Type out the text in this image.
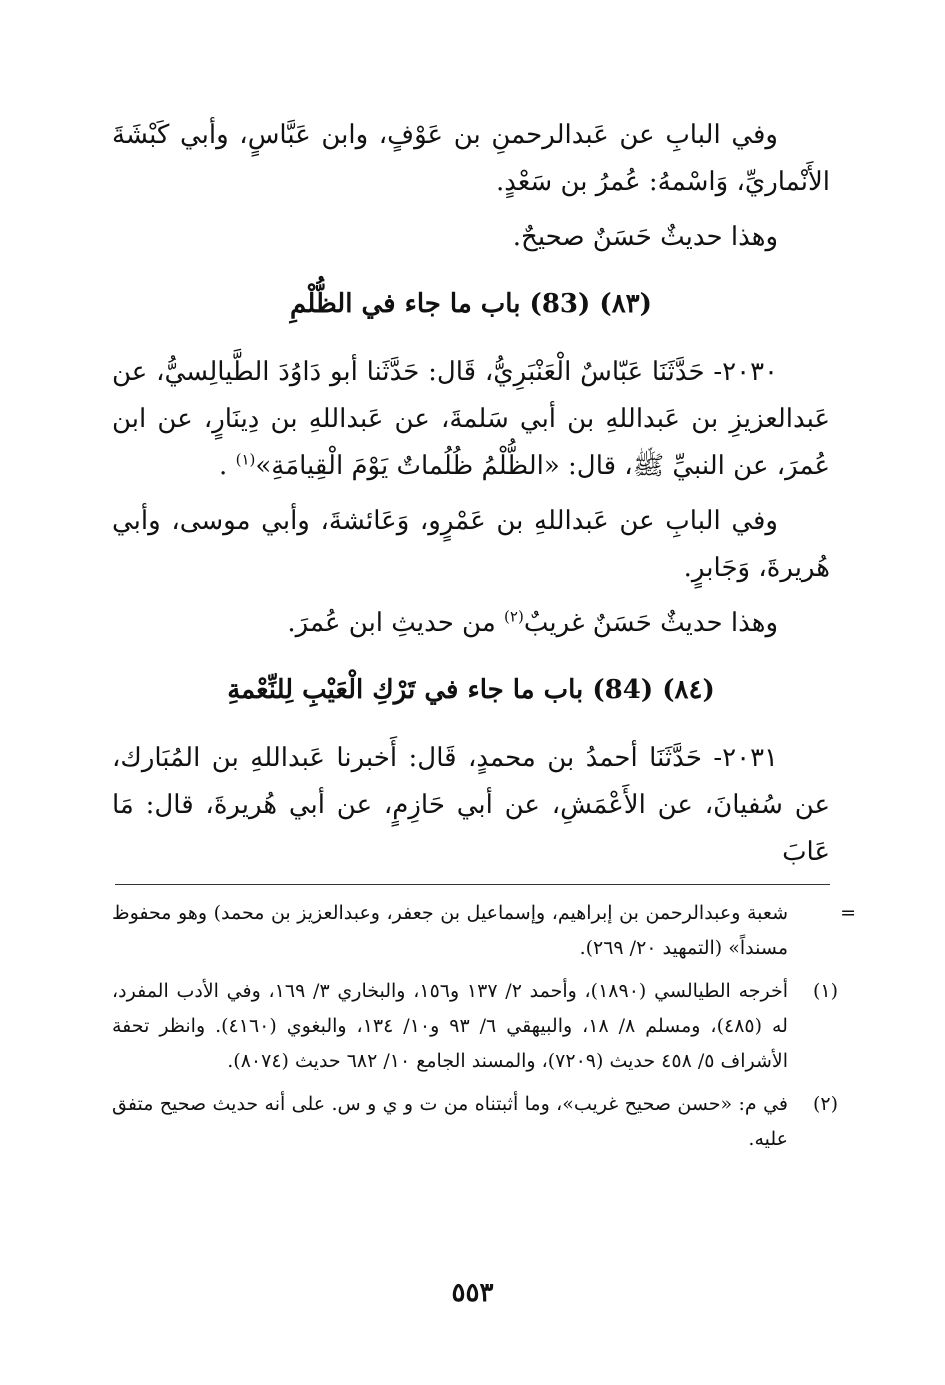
وفي البابِ عن عَبدالرحمنِ بن عَوْفٍ، وابن عَبَّاسٍ، وأبي كَبْشَةَ الأَنْماريِّ، وَاسْمهُ: عُمرُ بن سَعْدٍ.

وهذا حديثٌ حَسَنٌ صحيحٌ.

(٨٣) (83) باب ما جاء في الظُّلْمِ

٢٠٣٠- حَدَّثَنَا عَبّاسٌ الْعَنْبَرِيُّ، قَال: حَدَّثَنا أبو دَاوُدَ الطَّيالِسيُّ، عن عَبدالعزيزِ بن عَبداللهِ بن أبي سَلمةَ، عن عَبداللهِ بن دِينَارٍ، عن ابن عُمرَ، عن النبيِّ ﷺ، قال: «الظُّلْمُ ظُلُماتٌ يَوْمَ الْقِيامَةِ»$^{(١)}$ .

وفي البابِ عن عَبداللهِ بن عَمْرٍو، وَعَائشةَ، وأبي موسى، وأبي هُريرةَ، وَجَابرٍ.

وهذا حديثٌ حَسَنٌ غريبٌ$^{(٢)}$ من حديثِ ابن عُمرَ.

(٨٤) (84) باب ما جاء في تَرْكِ الْعَيْبِ لِلنِّعْمةِ

٢٠٣١- حَدَّثَنَا أحمدُ بن محمدٍ، قَال: أَخبرنا عَبداللهِ بن المُبَارك، عن سُفيانَ، عن الأَعْمَشِ، عن أبي حَازِمٍ، عن أبي هُريرةَ، قال: مَا عَابَ

=
شعبة وعبدالرحمن بن إبراهيم، وإسماعيل بن جعفر، وعبدالعزيز بن محمد) وهو محفوظ مسنداً» (التمهيد ٢٠/ ٢٦٩).
(١)
أخرجه الطيالسي (١٨٩٠)، وأحمد ٢/ ١٣٧ و١٥٦، والبخاري ٣/ ١٦٩، وفي الأدب المفرد، له (٤٨٥)، ومسلم ٨/ ١٨، والبيهقي ٦/ ٩٣ و١٠/ ١٣٤، والبغوي (٤١٦٠). وانظر تحفة الأشراف ٥/ ٤٥٨ حديث (٧٢٠٩)، والمسند الجامع ١٠/ ٦٨٢ حديث (٨٠٧٤).
(٢)
في م: «حسن صحيح غريب»، وما أثبتناه من ت و ي و س. على أنه حديث صحيح متفق عليه.
٥٥٣
